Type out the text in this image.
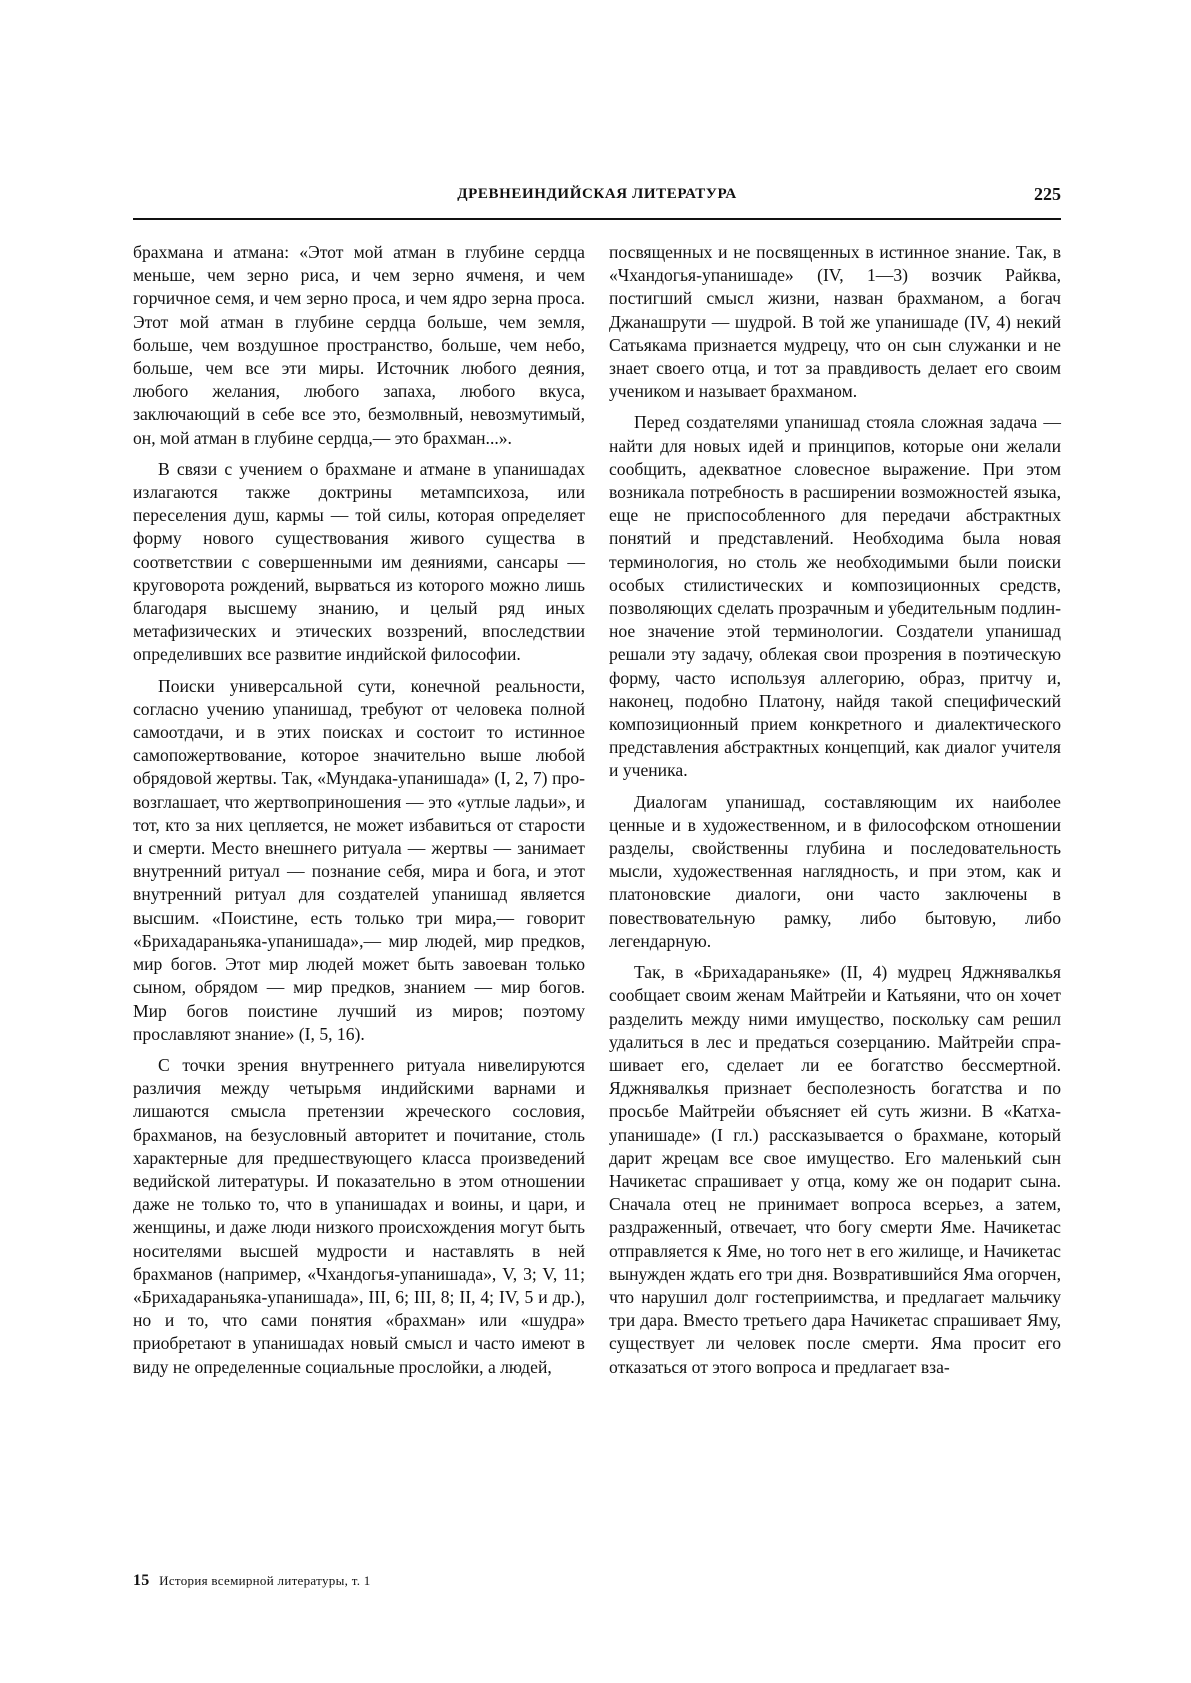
ДРЕВНЕИНДИЙСКАЯ ЛИТЕРАТУРА	225

брахмана и атмана: «Этот мой атман в глубине сердца меньше, чем зерно риса, и чем зерно ячменя, и чем горчичное семя, и чем зерно проса, и чем ядро зерна проса. Этот мой атман в глубине сердца больше, чем земля, больше, чем воздушное пространство, больше, чем небо, больше, чем все эти миры. Источник любого деяния, любого желания, любого запаха, любого вкуса, заключающий в себе все это, безмолвный, невозмутимый, он, мой атман в глубине сердца,— это брахман...».

В связи с учением о брахмане и атмане в упанишадах излагаются также доктрины метампсихоза, или переселения душ, кармы — той силы, которая определяет форму нового существования живого существа в соответствии с совершенными им деяниями, сансары — круговорота рождений, вырваться из которого можно лишь благодаря высшему знанию, и целый ряд иных метафизических и этических воззрений, впоследствии определивших все развитие индийской философии.

Поиски универсальной сути, конечной реальности, согласно учению упанишад, требуют от человека полной самоотдачи, и в этих поисках и состоит то истинное самопожертвование, которое значительно выше любой обрядовой жертвы. Так, «Мундака-упанишада» (I, 2, 7) провозглашает, что жертвоприношения — это «утлые ладьи», и тот, кто за них цепляется, не может избавиться от старости и смерти. Место внешнего ритуала — жертвы — занимает внутренний ритуал — познание себя, мира и бога, и этот внутренний ритуал для создателей упанишад является высшим. «Поистине, есть только три мира,— говорит «Брихадараньяка-упанишада»,— мир людей, мир предков, мир богов. Этот мир людей может быть завоеван только сыном, обрядом — мир предков, знанием — мир богов. Мир богов поистине лучший из миров; поэтому прославляют знание» (I, 5, 16).

С точки зрения внутреннего ритуала нивелируются различия между четырьмя индийскими варнами и лишаются смысла претензии жреческого сословия, брахманов, на безусловный авторитет и почитание, столь характерные для предшествующего класса произведений ведийской литературы. И показательно в этом отношении даже не только то, что в упанишадах и воины, и цари, и женщины, и даже люди низкого происхождения могут быть носителями высшей мудрости и наставлять в ней брахманов (например, «Чхандогья-упанишада», V, 3; V, 11; «Брихадараньяка-упанишада», III, 6; III, 8; II, 4; IV, 5 и др.), но и то, что сами понятия «брахман» или «шудра» приобретают в упанишадах новый смысл и часто имеют в виду не определенные социальные прослойки, а людей,

посвященных и не посвященных в истинное знание. Так, в «Чхандогья-упанишаде» (IV, 1—3) возчик Райква, постигший смысл жизни, назван брахманом, а богач Джанашрути — шудрой. В той же упанишаде (IV, 4) некий Сатьякама признается мудрецу, что он сын служанки и не знает своего отца, и тот за правдивость делает его своим учеником и называет брахманом.

Перед создателями упанишад стояла сложная задача — найти для новых идей и принципов, которые они желали сообщить, адекватное словесное выражение. При этом возникала потребность в расширении возможностей языка, еще не приспособленного для передачи абстрактных понятий и представлений. Необходима была новая терминология, но столь же необходимыми были поиски особых стилистических и композиционных средств, позволяющих сделать прозрачным и убедительным подлинное значение этой терминологии. Создатели упанишад решали эту задачу, облекая свои прозрения в поэтическую форму, часто используя аллегорию, образ, притчу и, наконец, подобно Платону, найдя такой специфический композиционный прием конкретного и диалектического представления абстрактных концепций, как диалог учителя и ученика.

Диалогам упанишад, составляющим их наиболее ценные и в художественном, и в философском отношении разделы, свойственны глубина и последовательность мысли, художественная наглядность, и при этом, как и платоновские диалоги, они часто заключены в повествовательную рамку, либо бытовую, либо легендарную.

Так, в «Брихадараньяке» (II, 4) мудрец Яджнявалкья сообщает своим женам Майтрейи и Катьяяни, что он хочет разделить между ними имущество, поскольку сам решил удалиться в лес и предаться созерцанию. Майтрейи спрашивает его, сделает ли ее богатство бессмертной. Яджнявалкья признает бесполезность богатства и по просьбе Майтрейи объясняет ей суть жизни. В «Катха-упанишаде» (I гл.) рассказывается о брахмане, который дарит жрецам все свое имущество. Его маленький сын Начикетас спрашивает у отца, кому же он подарит сына. Сначала отец не принимает вопроса всерьез, а затем, раздраженный, отвечает, что богу смерти Яме. Начикетас отправляется к Яме, но того нет в его жилище, и Начикетас вынужден ждать его три дня. Возвратившийся Яма огорчен, что нарушил долг гостеприимства, и предлагает мальчику три дара. Вместо третьего дара Начикетас спрашивает Яму, существует ли человек после смерти. Яма просит его отказаться от этого вопроса и предлагает вза-

15 История всемирной литературы, т. 1
